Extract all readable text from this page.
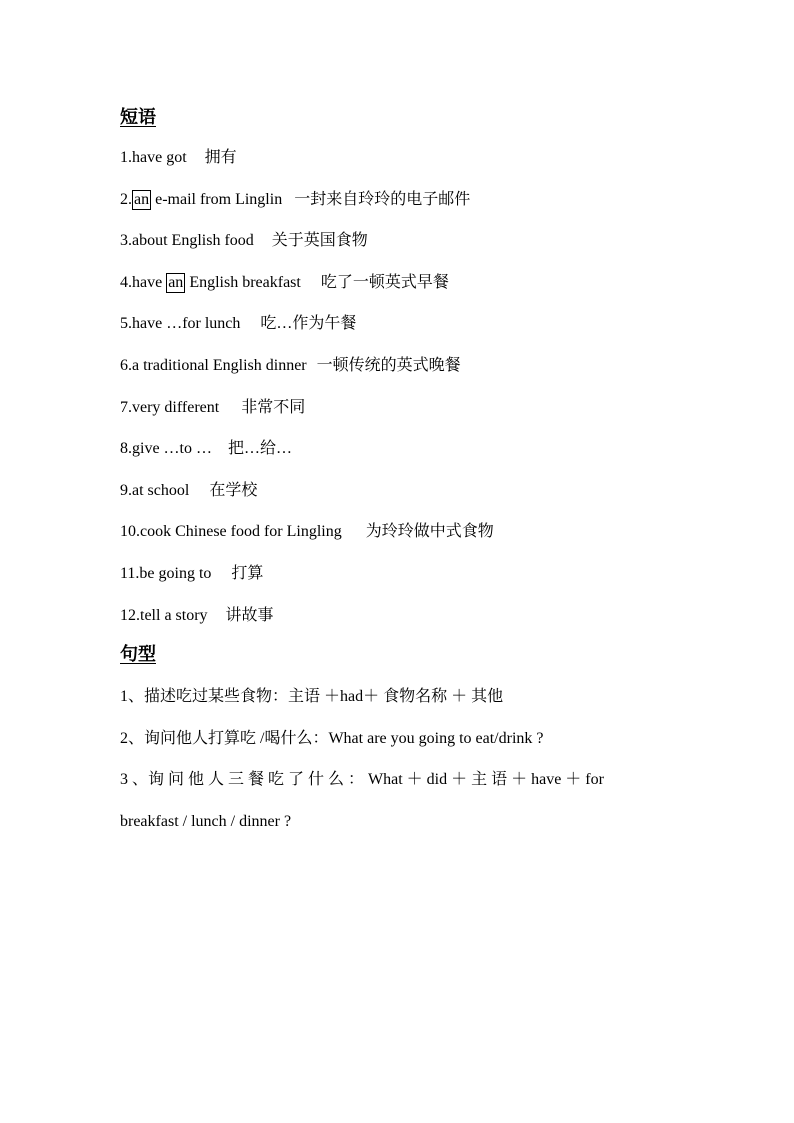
短语
1.have got 拥有
2. an e-mail from Linglin 一封来自玲玲的电子邮件
3.about English food 关于英国食物
4.have an English breakfast 吃了一顿英式早餐
5.have …for lunch 吃…作为午餐
6.a traditional English dinner 一顿传统的英式晚餐
7.very different 非常不同
8.give …to … 把…给…
9.at school 在学校
10.cook Chinese food for Lingling 为玲玲做中式食物
11.be going to 打算
12.tell a story 讲故事
句型
1、描述吃过某些食物：主语 ＋had＋ 食物名称 ＋ 其他
2、询问他人打算吃 /喝什么：What are you going to eat/drink ?
3 、询 问 他 人 三 餐 吃 了 什 么 ： What ＋ did ＋ 主 语 ＋ have ＋ for
breakfast / lunch / dinner ?
